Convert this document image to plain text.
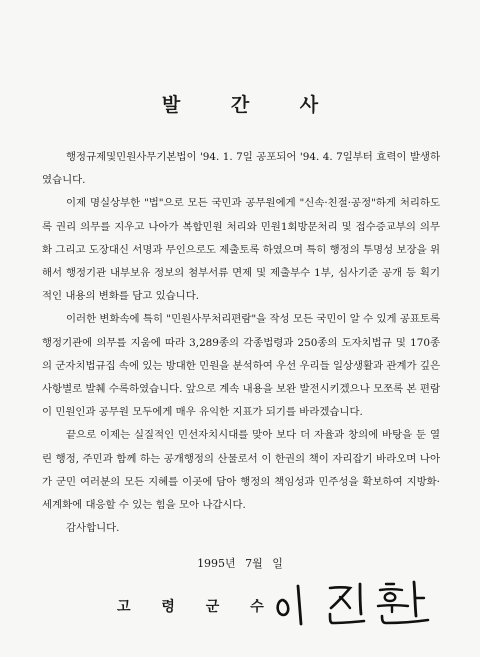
발 간 사

행정규제및민원사무기본법이 '94. 1. 7일 공포되어 '94. 4. 7일부터 효력이 발생하였습니다.

이제 명실상부한 "법"으로 모든 국민과 공무원에게 "신속·친절·공정"하게 처리하도록 권리 의무를 지우고 나아가 복합민원 처리와 민원1회방문처리 및 접수증교부의 의무화 그리고 도장대신 서명과 무인으로도 제출토록 하였으며 특히 행정의 투명성 보장을 위해서 행정기관 내부보유 정보의 첨부서류 면제 및 제출부수 1부, 심사기준 공개 등 획기적인 내용의 변화를 담고 있습니다.

이러한 변화속에 특히 "민원사무처리편람"을 작성 모든 국민이 알 수 있게 공표토록 행정기관에 의무를 지움에 따라 3,289종의 각종법령과 250종의 도자치법규 및 170종의 군자치법규집 속에 있는 방대한 민원을 분석하여 우선 우리들 일상생활과 관계가 깊은 사항별로 발췌 수록하였습니다. 앞으로 계속 내용을 보완 발전시키겠으나 모쪼록 본 편람이 민원인과 공무원 모두에게 매우 유익한 지표가 되기를 바라겠습니다.

끝으로 이제는 실질적인 민선자치시대를 맞아 보다 더 자율과 창의에 바탕을 둔 열린 행정, 주민과 함께 하는 공개행정의 산물로서 이 한권의 책이 자리잡기 바라오며 나아가 군민 여러분의 모든 지혜를 이곳에 담아 행정의 책임성과 민주성을 확보하여 지방화·세계화에 대응할 수 있는 힘을 모아 나갑시다.

감사합니다.

1995년 7월 일
고 령 군 수
